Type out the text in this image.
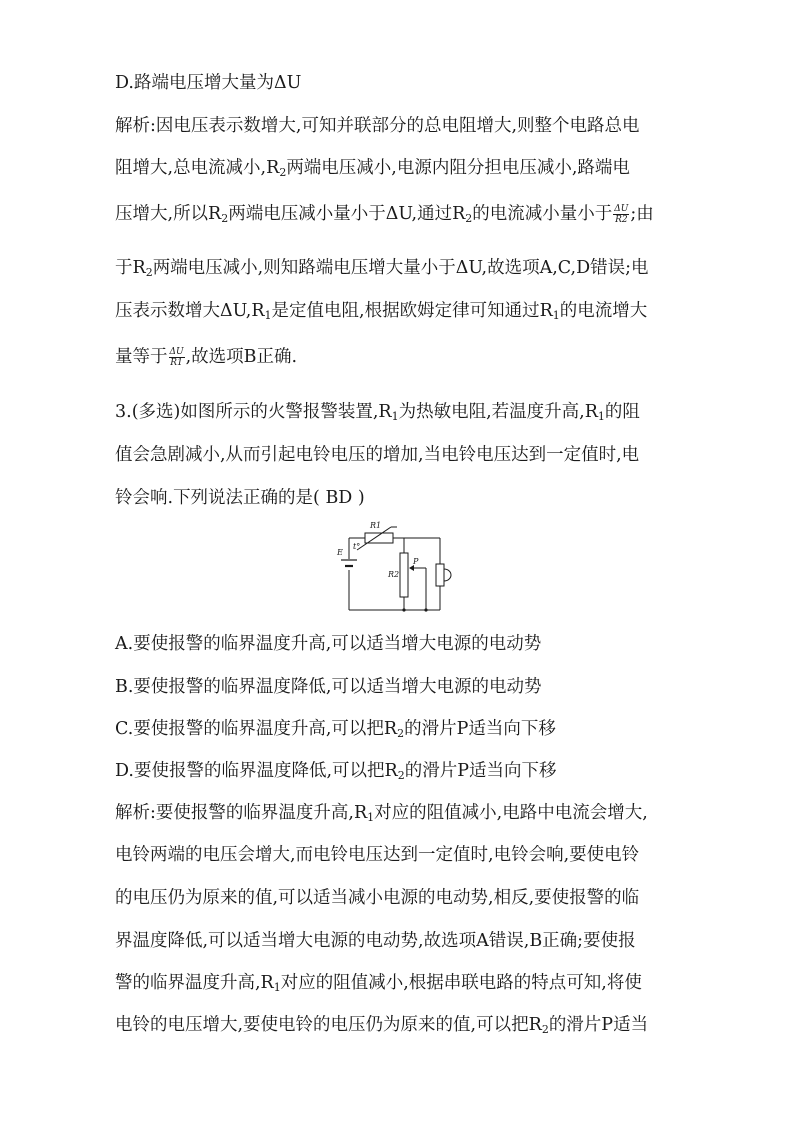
D.路端电压增大量为ΔU
解析:因电压表示数增大,可知并联部分的总电阻增大,则整个电路总电
阻增大,总电流减小$,R_2$两端电压减小,电源内阻分担电压减小,路端电
压增大,所以$R_2$两端电压减小量小于ΔU,通过$R_2$的电流减小量小于 $\frac{\Delta U}{R2}$ ;由
于$R_2$两端电压减小,则知路端电压增大量小于ΔU,故选项A,C,D错误;电
压表示数增大$\Delta U,R_1$是定值电阻,根据欧姆定律可知通过$R_1$的电流增大
量等于 $\frac{\Delta U}{R1}$ ,故选项B正确.
3.(多选)如图所示的火警报警装置$,R_1$为热敏电阻,若温度升高$,R_1$的阻
值会急剧减小,从而引起电铃电压的增加,当电铃电压达到一定值时,电
铃会响.下列说法正确的是( BD )
R1
t°
E
R2
P
A.要使报警的临界温度升高,可以适当增大电源的电动势
B.要使报警的临界温度降低,可以适当增大电源的电动势
C.要使报警的临界温度升高,可以把$R_2$的滑片P适当向下移
D.要使报警的临界温度降低,可以把$R_2$的滑片P适当向下移
解析:要使报警的临界温度升高$,R_1$对应的阻值减小,电路中电流会增大,
电铃两端的电压会增大,而电铃电压达到一定值时,电铃会响,要使电铃
的电压仍为原来的值,可以适当减小电源的电动势,相反,要使报警的临
界温度降低,可以适当增大电源的电动势,故选项A错误,B正确;要使报
警的临界温度升高$,R_1$对应的阻值减小,根据串联电路的特点可知,将使
电铃的电压增大,要使电铃的电压仍为原来的值,可以把$R_2$的滑片P适当
